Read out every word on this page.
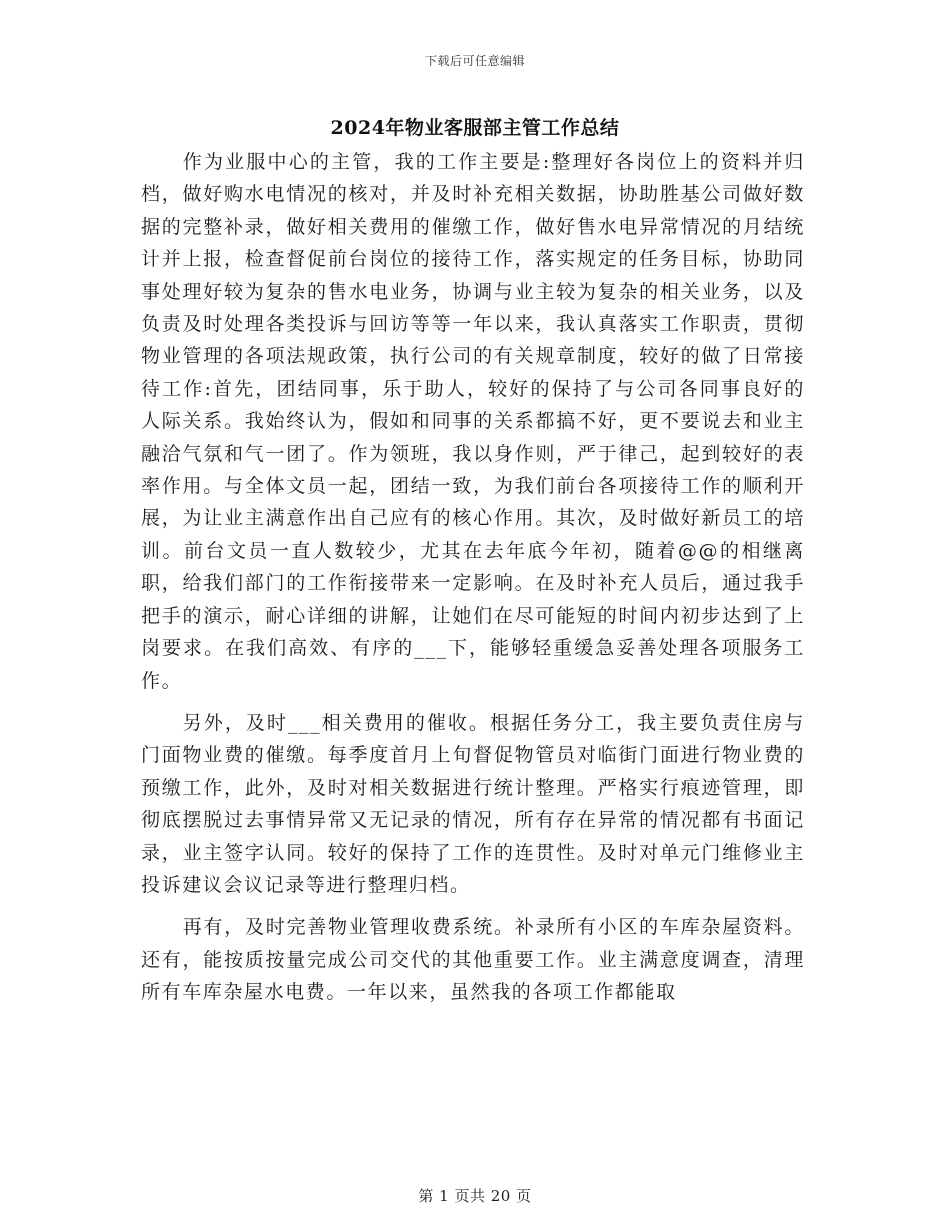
下载后可任意编辑
2024年物业客服部主管工作总结

作为业服中心的主管，我的工作主要是:整理好各岗位上的资料并归档，做好购水电情况的核对，并及时补充相关数据，协助胜基公司做好数据的完整补录，做好相关费用的催缴工作，做好售水电异常情况的月结统计并上报，检查督促前台岗位的接待工作，落实规定的任务目标，协助同事处理好较为复杂的售水电业务，协调与业主较为复杂的相关业务，以及负责及时处理各类投诉与回访等等一年以来，我认真落实工作职责，贯彻物业管理的各项法规政策，执行公司的有关规章制度，较好的做了日常接待工作:首先，团结同事，乐于助人，较好的保持了与公司各同事良好的人际关系。我始终认为，假如和同事的关系都搞不好，更不要说去和业主融洽气氛和气一团了。作为领班，我以身作则，严于律己，起到较好的表率作用。与全体文员一起，团结一致，为我们前台各项接待工作的顺利开展，为让业主满意作出自己应有的核心作用。其次，及时做好新员工的培训。前台文员一直人数较少，尤其在去年底今年初，随着@@的相继离职，给我们部门的工作衔接带来一定影响。在及时补充人员后，通过我手把手的演示，耐心详细的讲解，让她们在尽可能短的时间内初步达到了上岗要求。在我们高效、有序的___下，能够轻重缓急妥善处理各项服务工作。

另外，及时___相关费用的催收。根据任务分工，我主要负责住房与门面物业费的催缴。每季度首月上旬督促物管员对临街门面进行物业费的预缴工作，此外，及时对相关数据进行统计整理。严格实行痕迹管理，即彻底摆脱过去事情异常又无记录的情况，所有存在异常的情况都有书面记录，业主签字认同。较好的保持了工作的连贯性。及时对单元门维修业主投诉建议会议记录等进行整理归档。

再有，及时完善物业管理收费系统。补录所有小区的车库杂屋资料。还有，能按质按量完成公司交代的其他重要工作。业主满意度调查，清理所有车库杂屋水电费。一年以来，虽然我的各项工作都能取

第 1 页共 20 页
